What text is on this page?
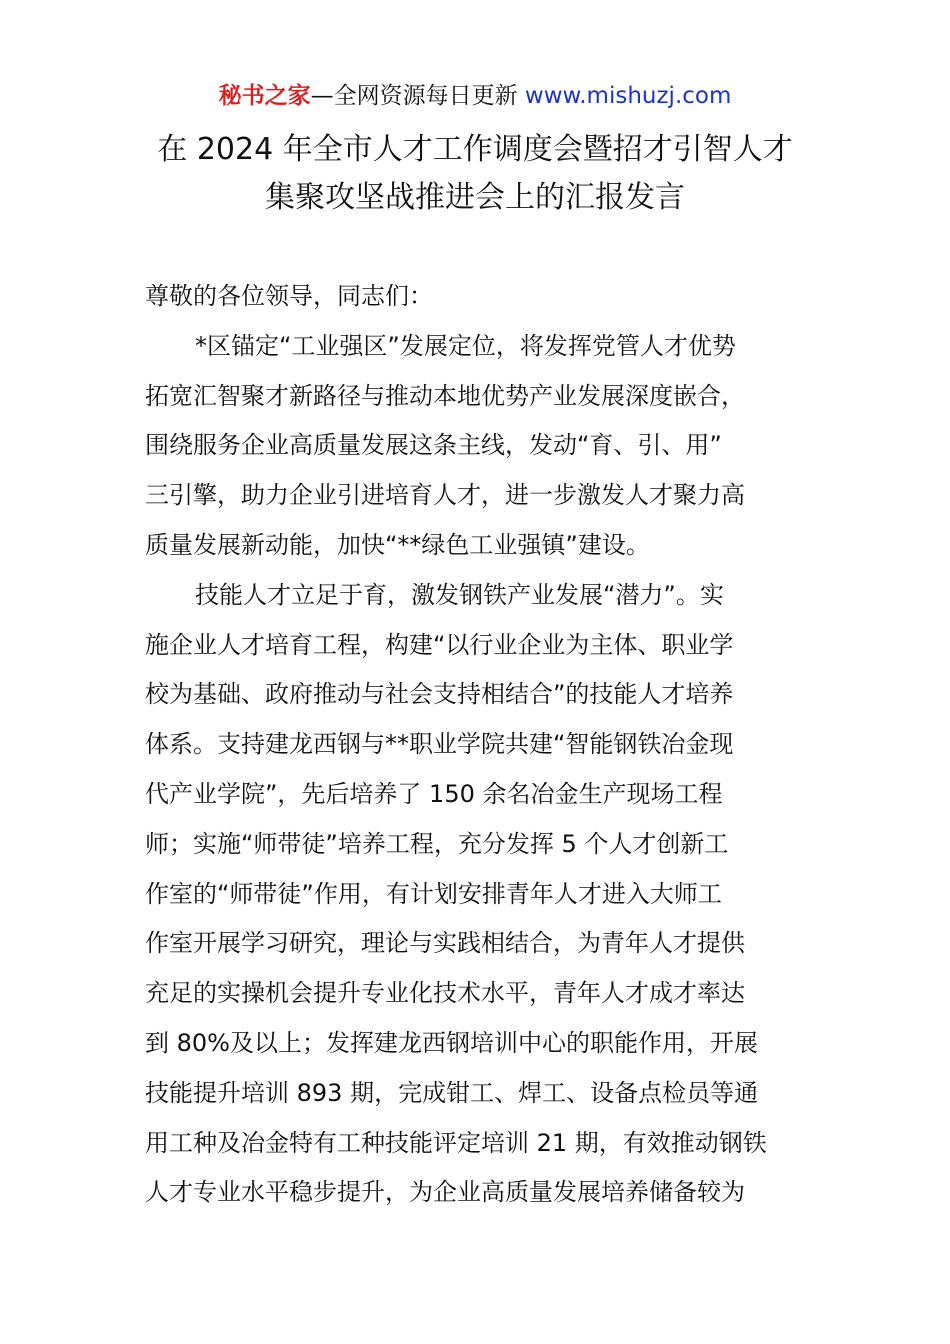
秘书之家—全网资源每日更新 www.mishuzj.com
在 2024 年全市人才工作调度会暨招才引智人才
集聚攻坚战推进会上的汇报发言
尊敬的各位领导，同志们：
*区锚定“工业强区”发展定位，将发挥党管人才优势
拓宽汇智聚才新路径与推动本地优势产业发展深度嵌合，
围绕服务企业高质量发展这条主线，发动“育、引、用”
三引擎，助力企业引进培育人才，进一步激发人才聚力高
质量发展新动能，加快“**绿色工业强镇”建设。
技能人才立足于育，激发钢铁产业发展“潜力”。实
施企业人才培育工程，构建“以行业企业为主体、职业学
校为基础、政府推动与社会支持相结合”的技能人才培养
体系。支持建龙西钢与**职业学院共建“智能钢铁冶金现
代产业学院”，先后培养了 150 余名冶金生产现场工程
师；实施“师带徒”培养工程，充分发挥 5 个人才创新工
作室的“师带徒”作用，有计划安排青年人才进入大师工
作室开展学习研究，理论与实践相结合，为青年人才提供
充足的实操机会提升专业化技术水平，青年人才成才率达
到 80%及以上；发挥建龙西钢培训中心的职能作用，开展
技能提升培训 893 期，完成钳工、焊工、设备点检员等通
用工种及冶金特有工种技能评定培训 21 期，有效推动钢铁
人才专业水平稳步提升，为企业高质量发展培养储备较为
